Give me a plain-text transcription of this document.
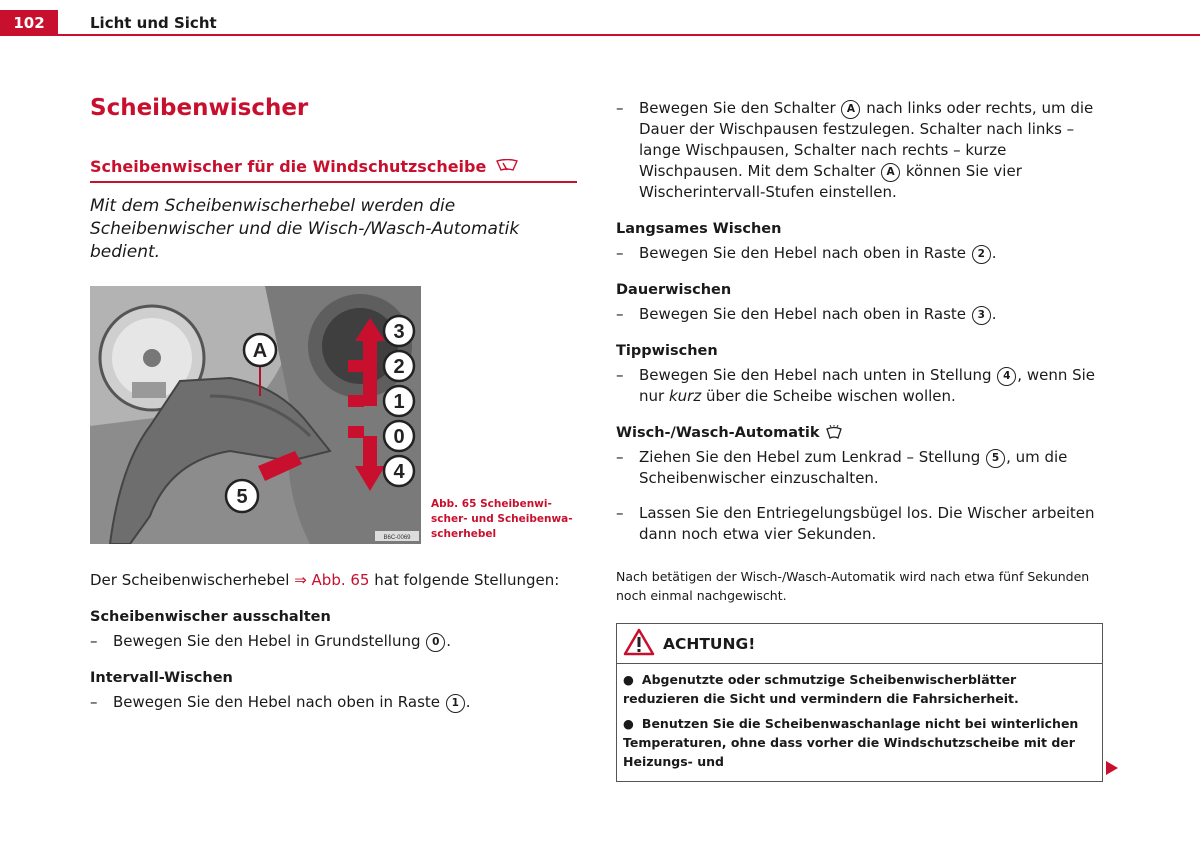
102	Licht und Sicht
Scheibenwischer
Scheibenwischer für die Windschutzscheibe

Mit dem Scheibenwischerhebel werden die Scheibenwischer und die Wisch-/Wasch-Automatik bedient.

A
3
2
1
0
4
5
B6C-0069
Abb. 65 Scheibenwi-
scher- und Scheibenwa-
scherhebel

Der Scheibenwischerhebel ⇒ Abb. 65 hat folgende Stellungen:

Scheibenwischer ausschalten
– Bewegen Sie den Hebel in Grundstellung 0 .
Intervall-Wischen
– Bewegen Sie den Hebel nach oben in Raste 1 .
– Bewegen Sie den Schalter A nach links oder rechts, um die Dauer der Wischpausen festzulegen. Schalter nach links – lange Wischpausen, Schalter nach rechts – kurze Wischpausen. Mit dem Schalter A können Sie vier Wischerintervall-Stufen einstellen.
Langsames Wischen
– Bewegen Sie den Hebel nach oben in Raste 2 .
Dauerwischen
– Bewegen Sie den Hebel nach oben in Raste 3 .
Tippwischen
– Bewegen Sie den Hebel nach unten in Stellung 4 , wenn Sie nur kurz über die Scheibe wischen wollen.
Wisch-/Wasch-Automatik
– Ziehen Sie den Hebel zum Lenkrad – Stellung 5 , um die Scheibenwischer einzuschalten.
– Lassen Sie den Entriegelungsbügel los. Die Wischer arbeiten dann noch etwa vier Sekunden.

Nach betätigen der Wisch-/Wasch-Automatik wird nach etwa fünf Sekunden noch einmal nachgewischt.

ACHTUNG!
● Abgenutzte oder schmutzige Scheibenwischerblätter reduzieren die Sicht und vermindern die Fahrsicherheit.
● Benutzen Sie die Scheibenwaschanlage nicht bei winterlichen Temperaturen, ohne dass vorher die Windschutzscheibe mit der Heizungs- und
